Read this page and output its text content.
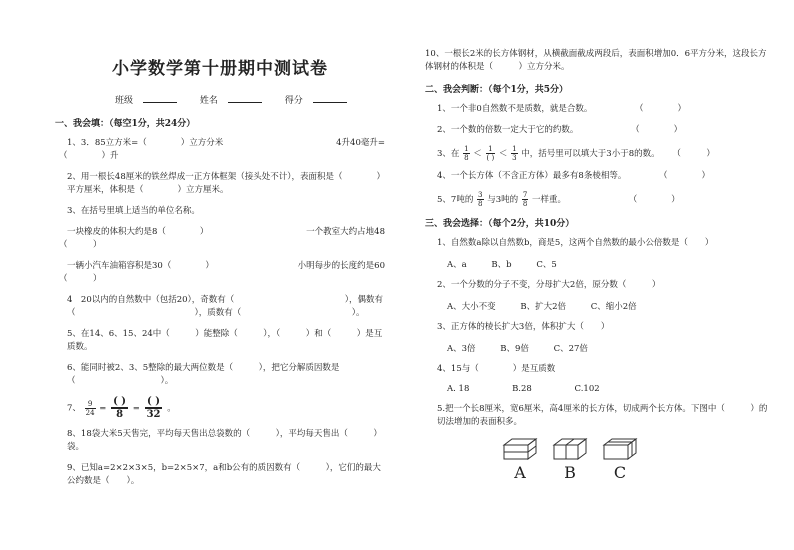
小学数学第十册期中测试卷
班级	姓名	得分
一、我会填：（每空1分，共24分）
1、3．85立方米=（　　　　）立方分米	4升40毫升=
（　　　　）升
2、用一根长48厘米的铁丝焊成一正方体框架（接头处不计），表面积是（　　　　）平方厘米，体积是（　　　　）立方厘米。
3、在括号里填上适当的单位名称。
一块橡皮的体积大约是8（　　　　）	一个教室大约占地48
（　　　）
一辆小汽车油箱容积是30（　　　　）	小明每步的长度约是60
（　　　）
4　20以内的自然数中（包括20），奇数有（　　　　　　　　　　　　　），偶数有（　　　　　　　　　　　　　　），质数有（　　　　　　　　　　　　　）。
5、在14、6、15、24中（　　　）能整除（　　　），（　　　）和（　　　）是互质数。
6、能同时被2、3、5整除的最大两位数是（　　　），把它分解质因数是（　　　　　　　　　　）。
7、 $\frac{9}{24}$ =
( )
8
=
( )
32
。
8、18袋大米5天售完，平均每天售出总袋数的（　　　），平均每天售出（　　　）袋。
9、已知a=2×2×3×5，b=2×5×7，a和b公有的质因数有（　　　），它们的最大公约数是（　　）。
10、一根长2米的长方体钢材，从横截面截成两段后，表面积增加0．6平方分米，这段长方体钢材的体积是（　　　）立方分米。
二、我会判断：（每个1分，共5分）
1、一个非0自然数不是质数，就是合数。	（　　　　）
2、一个数的倍数一定大于它的约数。	（　　　　）
3、在 $\frac{1}{8} < \frac{1}{( )} < \frac{1}{3}$ 中，括号里可以填大于3小于8的数。 （　　　）
4、一个长方体（不含正方体）最多有8条棱相等。	（　　　　）
5、7吨的 $\frac{3}{8}$ 与3吨的 $\frac{7}{8}$ 一样重。	（　　　　）
三、我会选择：（每个2分，共10分）
1、自然数a除以自然数b，商是5，这两个自然数的最小公倍数是（　　）
A、a	B、b	C、5
2、一个分数的分子不变，分母扩大2倍，原分数（　　　）
A、大小不变	B、扩大2倍	C、缩小2倍
3、正方体的棱长扩大3倍，体积扩大（　　）
A、3倍	B、9倍	C、27倍
4、15与（　　　　）是互质数
A. 18	B.28	C.102
5.把一个长8厘米，宽6厘米，高4厘米的长方体，切成两个长方体。下图中（　　　）的切法增加的表面积多。
A	B	C
